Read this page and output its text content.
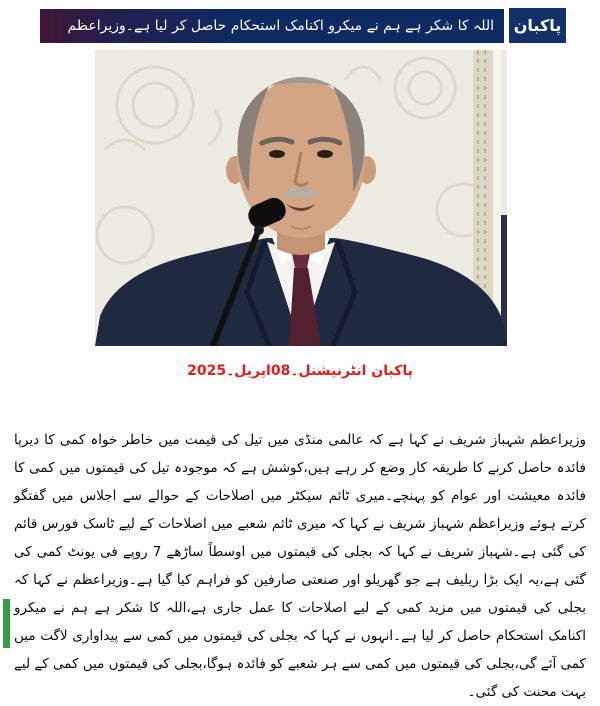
اللہ کا شکر ہے ہم نے میکرو اکنامک استحکام حاصل کر لیا ہے۔وزیراعظم پاکبان
پاکبان انٹرنیشنل۔08اپریل۔2025
وزیراعظم شہباز شریف نے کہا ہے کہ عالمی منڈی میں تیل کی قیمت میں خاطر خواہ کمی کا دیرپا فائدہ حاصل کرنے کا طریقہ کار وضع کر رہے ہیں،کوشش ہے کہ موجودہ تیل کی قیمتوں میں کمی کا فائدہ معیشت اور عوام کو پہنچے۔میری ٹائم سیکٹر میں اصلاحات کے حوالے سے اجلاس میں گفتگو کرتے ہوئے وزیراعظم شہباز شریف نے کہا کہ میری ٹائم شعبے میں اصلاحات کے لیے ٹاسک فورس قائم کی گئی ہے۔شہباز شریف نے کہا کہ بجلی کی قیمتوں میں اوسطاً ساڑھے 7 روپے فی یونٹ کمی کی گئی ہے،یہ ایک بڑا ریلیف ہے جو گھریلو اور صنعتی صارفین کو فراہم کیا گیا ہے۔وزیراعظم نے کہا کہ بجلی کی قیمتوں میں مزید کمی کے لیے اصلاحات کا عمل جاری ہے،اللہ کا شکر ہے ہم نے میکرو اکنامک استحکام حاصل کر لیا ہے۔انہوں نے کہا کہ بجلی کی قیمتوں میں کمی سے پیداواری لاگت میں کمی آئے گی،بجلی کی قیمتوں میں کمی سے ہر شعبے کو فائدہ ہوگا،بجلی کی قیمتوں میں کمی کے لیے بہت محنت کی گئی۔
